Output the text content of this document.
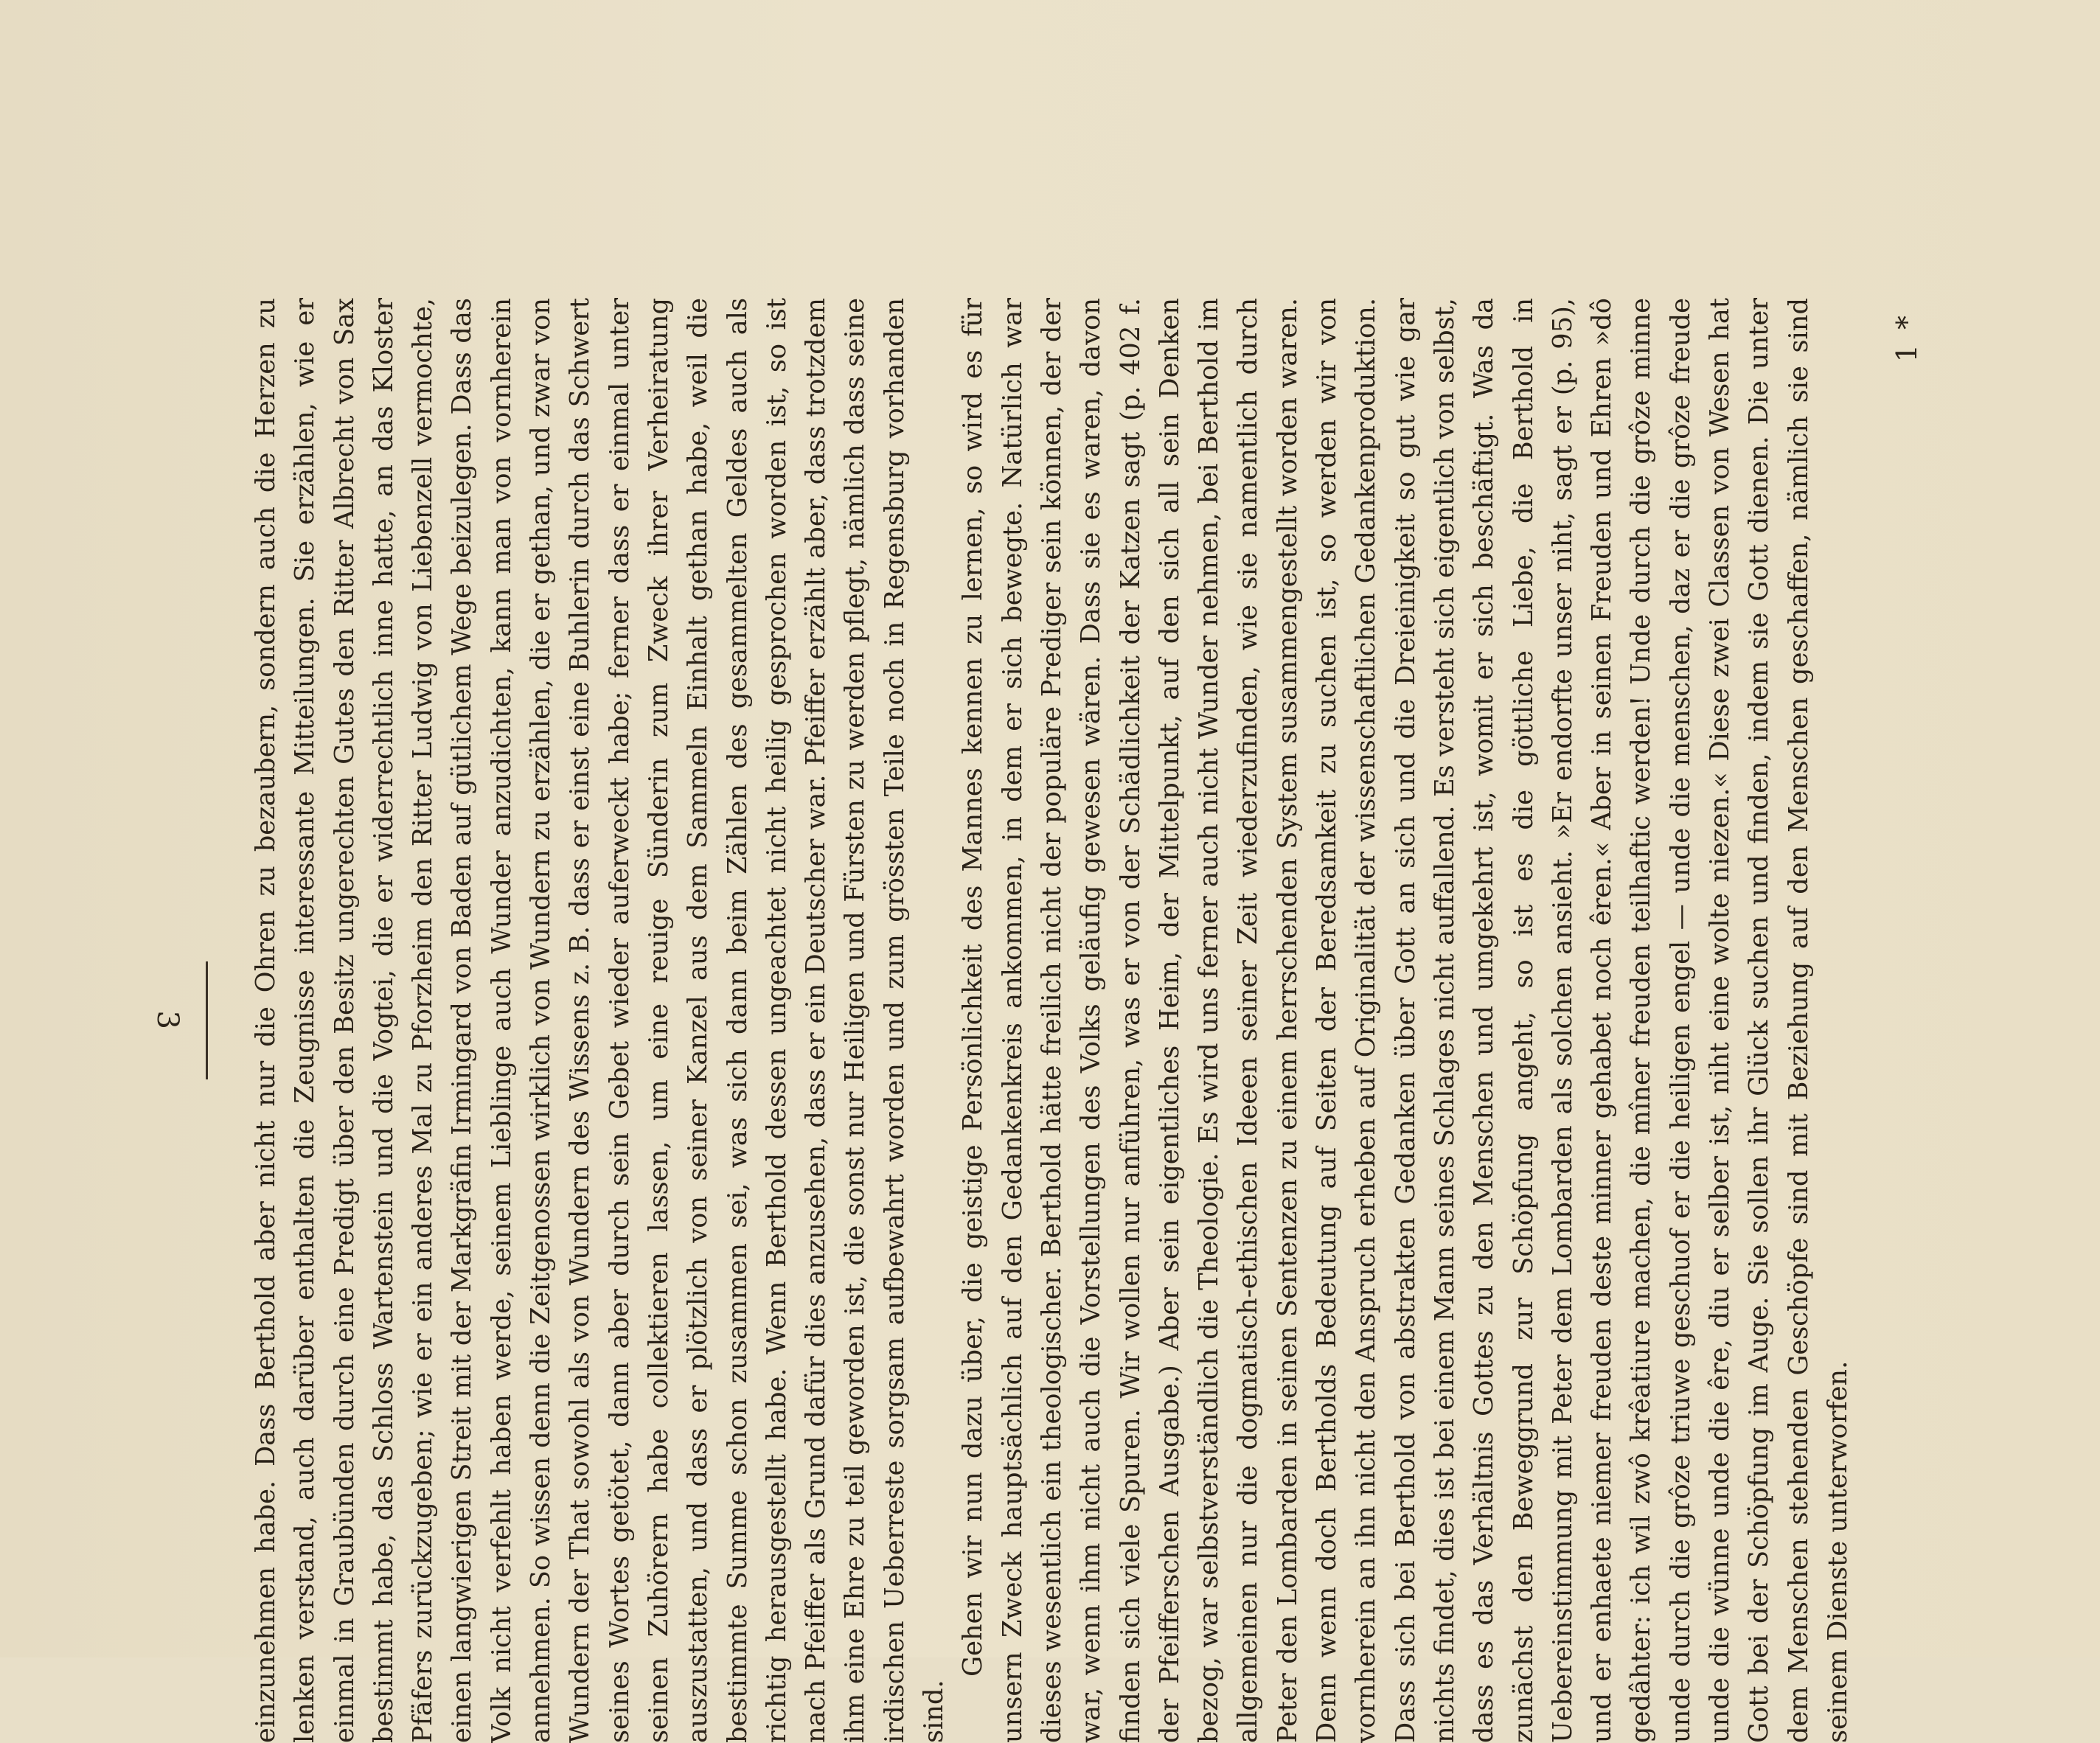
3	einzunehmen habe. Dass Berthold aber nicht nur die Ohren zu bezaubern, sondern auch die Herzen zu lenken verstand, auch darüber enthalten die Zeugnisse interessante Mitteilungen. Sie erzählen, wie er einmal in Graubünden durch eine Predigt über den Besitz ungerechten Gutes den Ritter Albrecht von Sax bestimmt habe, das Schloss Wartenstein und die Vogtei, die er widerrechtlich inne hatte, an das Kloster Pfäfers zurückzugeben; wie er ein anderes Mal zu Pforzheim den Ritter Ludwig von Liebenzell vermochte, einen langwierigen Streit mit der Markgräfin Irmingard von Baden auf gütlichem Wege beizulegen. Dass das Volk nicht verfehlt haben werde, seinem Lieblinge auch Wunder anzudichten, kann man von vornherein annehmen. So wissen denn die Zeitgenossen wirklich von Wundern zu erzählen, die er gethan, und zwar von Wundern der That sowohl als von Wundern des Wissens z. B. dass er einst eine Buhlerin durch das Schwert seines Wortes getötet, dann aber durch sein Gebet wieder auferweckt habe; ferner dass er einmal unter seinen Zuhörern habe collektieren lassen, um eine reuige Sünderin zum Zweck ihrer Verheiratung auszustatten, und dass er plötzlich von seiner Kanzel aus dem Sammeln Einhalt gethan habe, weil die bestimmte Summe schon zusammen sei, was sich dann beim Zählen des gesammelten Geldes auch als richtig herausgestellt habe. Wenn Berthold dessen ungeachtet nicht heilig gesprochen worden ist, so ist nach Pfeiffer als Grund dafür dies anzusehen, dass er ein Deutscher war. Pfeiffer erzählt aber, dass trotzdem ihm eine Ehre zu teil geworden ist, die sonst nur Heiligen und Fürsten zu werden pflegt, nämlich dass seine irdischen Ueberreste sorgsam aufbewahrt worden und zum grössten Teile noch in Regensburg vorhanden sind.

Gehen wir nun dazu über, die geistige Persönlichkeit des Mannes kennen zu lernen, so wird es für unsern Zweck hauptsächlich auf den Gedankenkreis ankommen, in dem er sich bewegte. Natürlich war dieses wesentlich ein theologischer. Berthold hätte freilich nicht der populäre Prediger sein können, der der war, wenn ihm nicht auch die Vorstellungen des Volks geläufig gewesen wären. Dass sie es waren, davon finden sich viele Spuren. Wir wollen nur anführen, was er von der Schädlichkeit der Katzen sagt (p. 402 f. der Pfeifferschen Ausgabe.) Aber sein eigentliches Heim, der Mittelpunkt, auf den sich all sein Denken bezog, war selbstverständlich die Theologie. Es wird uns ferner auch nicht Wunder nehmen, bei Berthold im allgemeinen nur die dogmatisch-ethischen Ideeen seiner Zeit wiederzufinden, wie sie namentlich durch Peter den Lombarden in seinen Sentenzen zu einem herrschenden System susammengestellt worden waren. Denn wenn doch Bertholds Bedeutung auf Seiten der Beredsamkeit zu suchen ist, so werden wir von vornherein an ihn nicht den Anspruch erheben auf Originalität der wissenschaftlichen Gedankenproduktion. Dass sich bei Berthold von abstrakten Gedanken über Gott an sich und die Dreieinigkeit so gut wie gar nichts findet, dies ist bei einem Mann seines Schlages nicht auffallend. Es versteht sich eigentlich von selbst, dass es das Verhältnis Gottes zu den Menschen und umgekehrt ist, womit er sich beschäftigt. Was da zunächst den Beweggrund zur Schöpfung angeht, so ist es die göttliche Liebe, die Berthold in Uebereinstimmung mit Peter dem Lombarden als solchen ansieht. »Er endorfte unser niht, sagt er (p. 95), und er enhaete niemer freuden deste minner gehabet noch êren.« Aber in seinen Freuden und Ehren »dô gedâhter: ich wil zwô krêatiure machen, die mîner freuden teilhaftic werden! Unde durch die grôze minne unde durch die grôze triuwe geschuof er die heiligen engel — unde die menschen, daz er die grôze freude unde die wünne unde die êre, diu er selber ist, niht eine wolte niezen.« Diese zwei Classen von Wesen hat Gott bei der Schöpfung im Auge. Sie sollen ihr Glück suchen und finden, indem sie Gott dienen. Die unter dem Menschen stehenden Geschöpfe sind mit Beziehung auf den Menschen geschaffen, nämlich sie sind seinem Dienste unterworfen.

1 *
